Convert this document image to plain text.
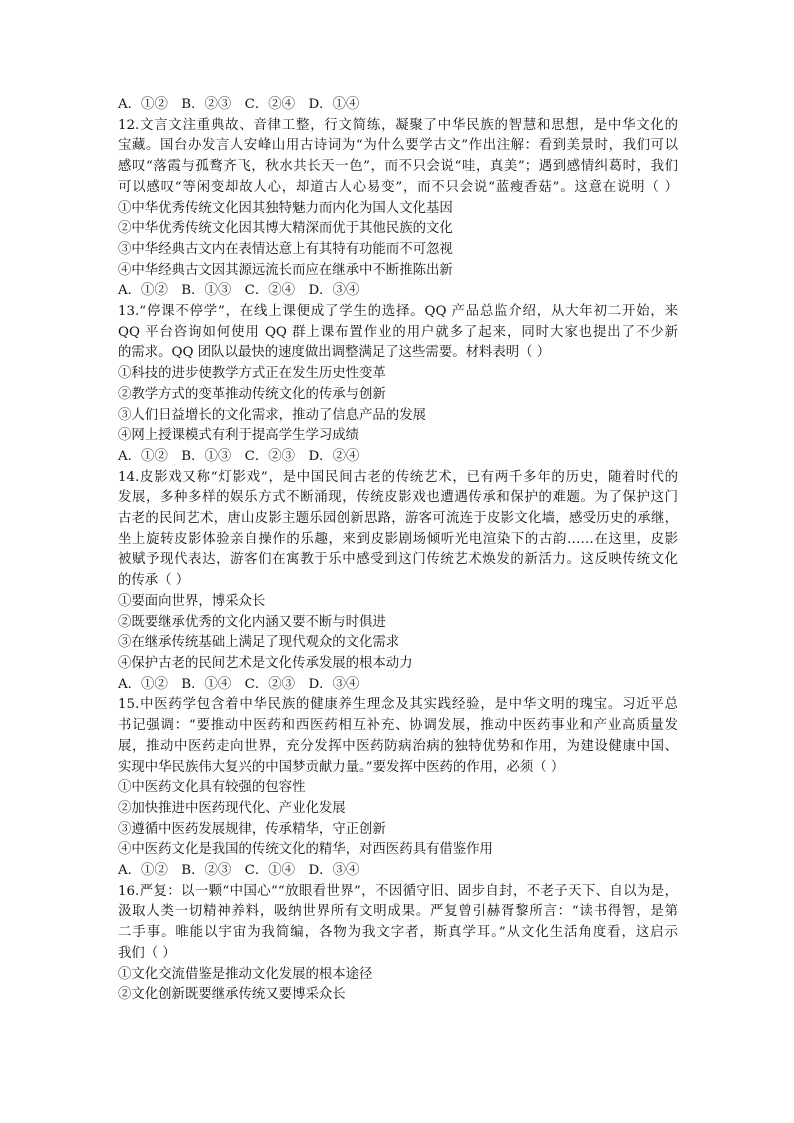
A．①②　B．②③　C．②④　D．①④
12.文言文注重典故、音律工整，行文简练，凝聚了中华民族的智慧和思想，是中华文化的
宝藏。国台办发言人安峰山用古诗词为“为什么要学古文”作出注解：看到美景时，我们可以
感叹“落霞与孤鹜齐飞，秋水共长天一色”，而不只会说“哇，真美”；遇到感情纠葛时，我们
可以感叹“等闲变却故人心，却道古人心易变”，而不只会说“蓝瘦香菇”。这意在说明（ ）
①中华优秀传统文化因其独特魅力而内化为国人文化基因
②中华优秀传统文化因其博大精深而优于其他民族的文化
③中华经典古文内在表情达意上有其特有功能而不可忽视
④中华经典古文因其源远流长而应在继承中不断推陈出新
A．①②　B．①③　C．②④　D．③④
13.“停课不停学”，在线上课便成了学生的选择。QQ 产品总监介绍，从大年初二开始，来
QQ 平台咨询如何使用 QQ 群上课布置作业的用户就多了起来，同时大家也提出了不少新
的需求。QQ 团队以最快的速度做出调整满足了这些需要。材料表明（ ）
①科技的进步使教学方式正在发生历史性变革
②教学方式的变革推动传统文化的传承与创新
③人们日益增长的文化需求，推动了信息产品的发展
④网上授课模式有利于提高学生学习成绩
A．①②　B．①③　C．②③　D．②④
14.皮影戏又称“灯影戏”，是中国民间古老的传统艺术，已有两千多年的历史，随着时代的
发展，多种多样的娱乐方式不断涌现，传统皮影戏也遭遇传承和保护的难题。为了保护这门
古老的民间艺术，唐山皮影主题乐园创新思路，游客可流连于皮影文化墙，感受历史的承继，
坐上旋转皮影体验亲自操作的乐趣，来到皮影剧场倾听光电渲染下的古韵……在这里，皮影
被赋予现代表达，游客们在寓教于乐中感受到这门传统艺术焕发的新活力。这反映传统文化
的传承（ ）
①要面向世界，博采众长
②既要继承优秀的文化内涵又要不断与时俱进
③在继承传统基础上满足了现代观众的文化需求
④保护古老的民间艺术是文化传承发展的根本动力
A．①②　B．①④　C．②③　D．③④
15.中医药学包含着中华民族的健康养生理念及其实践经验，是中华文明的瑰宝。习近平总
书记强调：“要推动中医药和西医药相互补充、协调发展，推动中医药事业和产业高质量发
展，推动中医药走向世界，充分发挥中医药防病治病的独特优势和作用，为建设健康中国、
实现中华民族伟大复兴的中国梦贡献力量。”要发挥中医药的作用，必须（ ）
①中医药文化具有较强的包容性
②加快推进中医药现代化、产业化发展
③遵循中医药发展规律，传承精华，守正创新
④中医药文化是我国的传统文化的精华，对西医药具有借鉴作用
A．①②　B．②③　C．①④　D．③④
16.严复：以一颗“中国心”“放眼看世界”，不因循守旧、固步自封，不老子天下、自以为是，
汲取人类一切精神养料，吸纳世界所有文明成果。严复曾引赫胥黎所言：“读书得智，是第
二手事。唯能以宇宙为我简编，各物为我文字者，斯真学耳。”从文化生活角度看，这启示
我们（ ）
①文化交流借鉴是推动文化发展的根本途径
②文化创新既要继承传统又要博采众长
